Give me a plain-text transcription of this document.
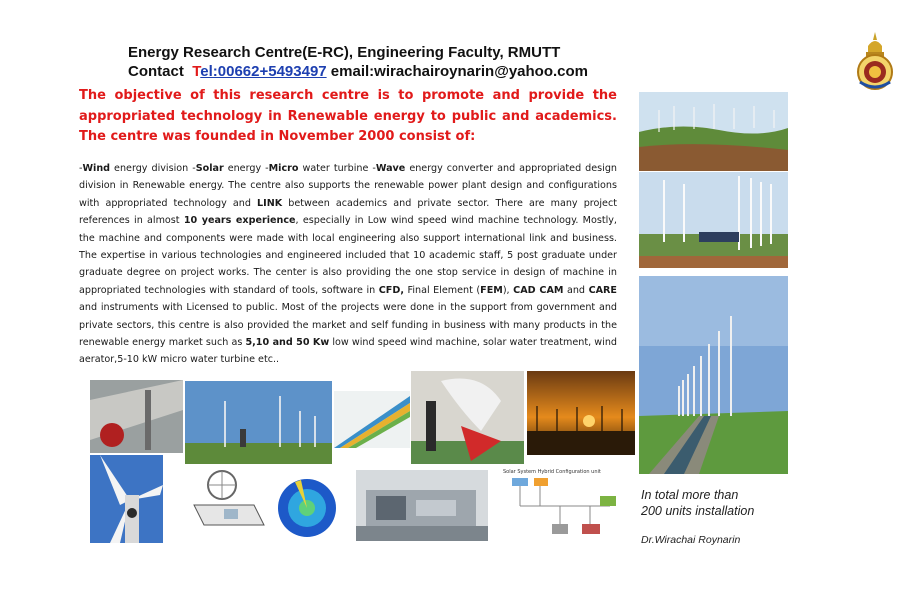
Energy Research Centre(E-RC), Engineering Faculty, RMUTT
Contact Tel:00662+5493497 email:wirachairoynarin@yahoo.com
The objective of this research centre is to promote and provide the appropriated technology in Renewable energy to public and academics. The centre was founded in November 2000 consist of:
-Wind energy division -Solar energy -Micro water turbine -Wave energy converter and appropriated design division in Renewable energy. The centre also supports the renewable power plant design and configurations with appropriated technology and LINK between academics and private sector. There are many project references in almost 10 years experience, especially in Low wind speed wind machine technology. Mostly, the machine and components were made with local engineering also support international link and business. The expertise in various technologies and engineered included that 10 academic staff, 5 post graduate under graduate degree on project works. The center is also providing the one stop service in design of machine in appropriated technologies with standard of tools, software in CFD, Final Element (FEM), CAD CAM and CARE and instruments with Licensed to public. Most of the projects were done in the support from government and private sectors, this centre is also provided the market and self funding in business with many products in the renewable energy market such as 5,10 and 50 Kw low wind speed wind machine, solar water treatment, wind aerator,5-10 kW micro water turbine etc..
Solar System Hybrid Configuration unit
In total more than
200 units installation
Dr.Wirachai Roynarin
